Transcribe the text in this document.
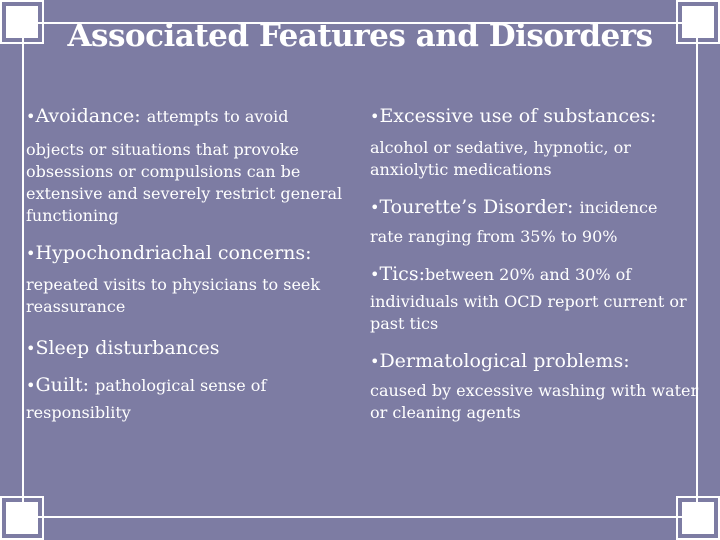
Associated Features and Disorders
•Avoidance: attempts to avoid
objects or situations that provoke obsessions or compulsions can be extensive and severely restrict general functioning
•Hypochondriachal concerns:
repeated visits to physicians to seek reassurance
•Sleep disturbances
•Guilt: pathological sense of
responsiblity
•Excessive use of substances:
alcohol or sedative, hypnotic, or anxiolytic medications
•Tourette’s Disorder: incidence
rate ranging from 35% to 90%
•Tics:between 20% and 30% of
individuals with OCD report current or past tics
•Dermatological problems:
caused by excessive washing with water or cleaning agents
